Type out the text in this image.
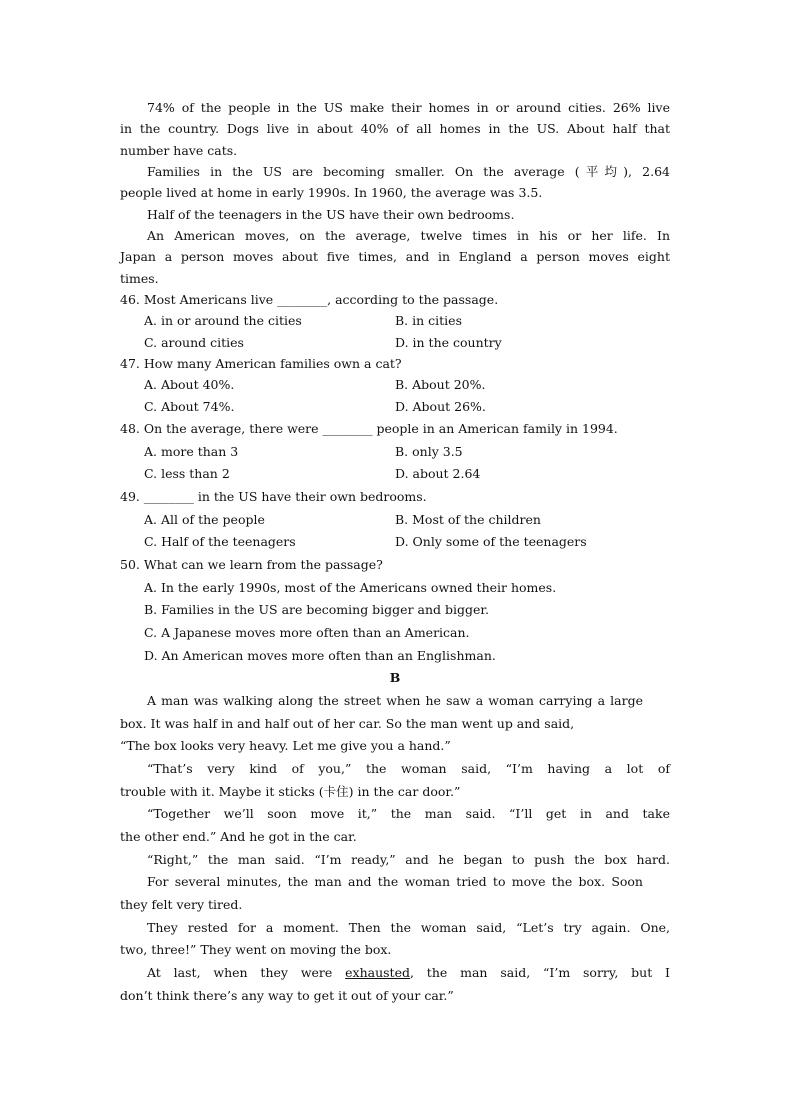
74% of the people in the US make their homes in or around cities. 26% live
in the country. Dogs live in about 40% of all homes in the US. About half that
number have cats.
Families in the US are becoming smaller. On the average (平均), 2.64
people lived at home in early 1990s. In 1960, the average was 3.5.
Half of the teenagers in the US have their own bedrooms.
An American moves, on the average, twelve times in his or her life. In
Japan a person moves about five times, and in England a person moves eight
times.
46. Most Americans live ________, according to the passage.
A. in or around the cities	B. in cities
C. around cities	D. in the country
47. How many American families own a cat?
A. About 40%.	B. About 20%.
C. About 74%.	D. About 26%.
48. On the average, there were ________ people in an American family in 1994.
A. more than 3	B. only 3.5
C. less than 2	D. about 2.64
49. ________ in the US have their own bedrooms.
A. All of the people	B. Most of the children
C. Half of the teenagers	D. Only some of the teenagers
50. What can we learn from the passage?
A. In the early 1990s, most of the Americans owned their homes.
B. Families in the US are becoming bigger and bigger.
C. A Japanese moves more often than an American.
D. An American moves more often than an Englishman.
B
A man was walking along the street when he saw a woman carrying a large
box. It was half in and half out of her car. So the man went up and said,
“The box looks very heavy. Let me give you a hand.”
“That’s very kind of you,” the woman said, “I’m having a lot of
trouble with it. Maybe it sticks (卡住) in the car door.”
“Together we’ll soon move it,” the man said. “I’ll get in and take
the other end.” And he got in the car.
“Right,” the man said. “I’m ready,” and he began to push the box hard.
For several minutes, the man and the woman tried to move the box. Soon
they felt very tired.
They rested for a moment. Then the woman said, “Let’s try again. One,
two, three!” They went on moving the box.
At last, when they were exhausted, the man said, “I’m sorry, but I
don’t think there’s any way to get it out of your car.”
